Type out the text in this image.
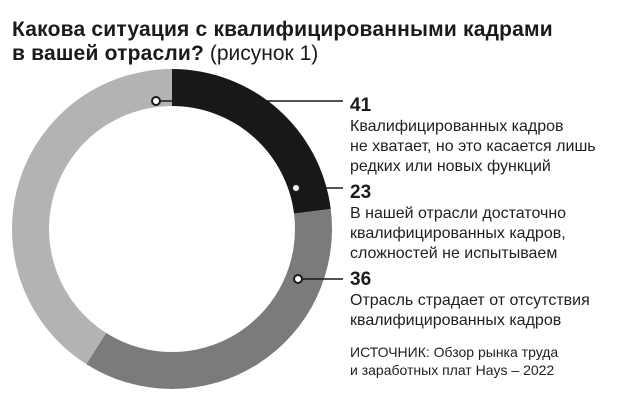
Какова ситуация с квалифицированными кадрами
в вашей отрасли? (рисунок 1)
41
Квалифицированных кадров
не хватает, но это касается лишь
редких или новых функций
23
В нашей отрасли достаточно
квалифицированных кадров,
сложностей не испытываем
36
Отрасль страдает от отсутствия
квалифицированных кадров
ИСТОЧНИК: Обзор рынка труда
и заработных плат Hays – 2022
